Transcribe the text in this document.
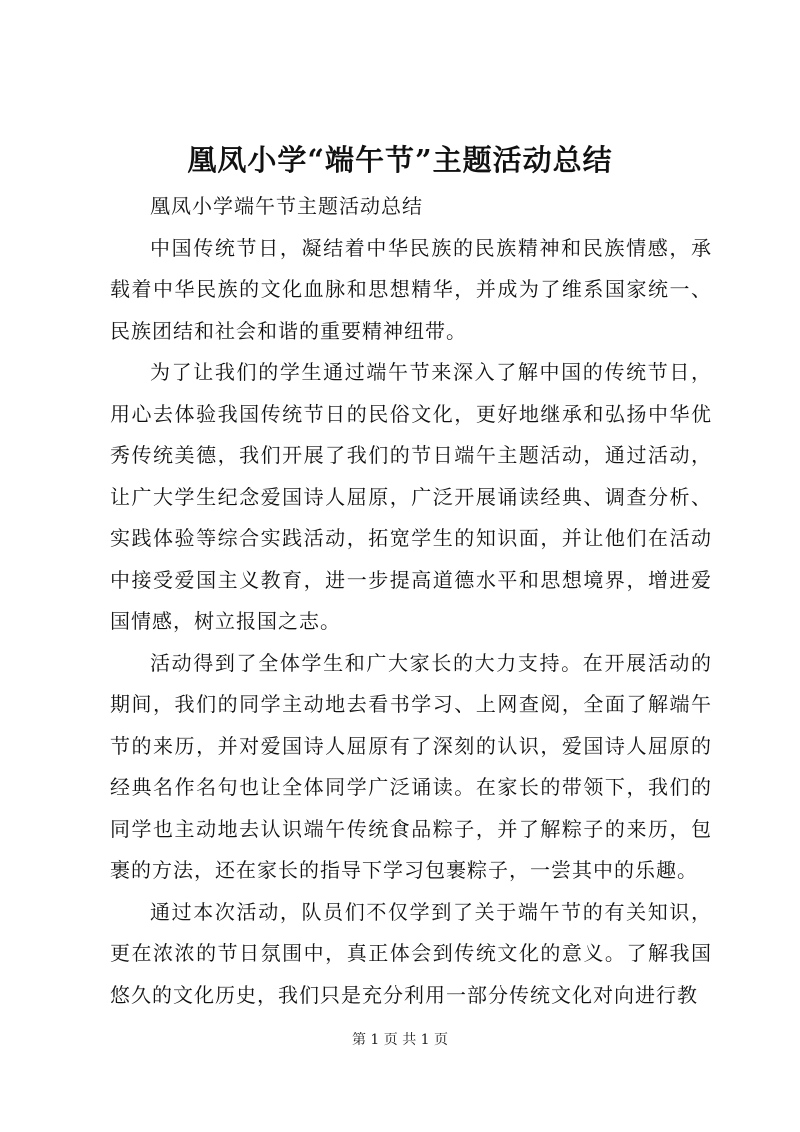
凰凤小学“端午节”主题活动总结

凰凤小学端午节主题活动总结

中国传统节日，凝结着中华民族的民族精神和民族情感，承载着中华民族的文化血脉和思想精华，并成为了维系国家统一、民族团结和社会和谐的重要精神纽带。

为了让我们的学生通过端午节来深入了解中国的传统节日，用心去体验我国传统节日的民俗文化，更好地继承和弘扬中华优秀传统美德，我们开展了我们的节日端午主题活动，通过活动，让广大学生纪念爱国诗人屈原，广泛开展诵读经典、调查分析、实践体验等综合实践活动，拓宽学生的知识面，并让他们在活动中接受爱国主义教育，进一步提高道德水平和思想境界，增进爱国情感，树立报国之志。

活动得到了全体学生和广大家长的大力支持。在开展活动的期间，我们的同学主动地去看书学习、上网查阅，全面了解端午节的来历，并对爱国诗人屈原有了深刻的认识，爱国诗人屈原的经典名作名句也让全体同学广泛诵读。在家长的带领下，我们的同学也主动地去认识端午传统食品粽子，并了解粽子的来历，包裹的方法，还在家长的指导下学习包裹粽子，一尝其中的乐趣。

通过本次活动，队员们不仅学到了关于端午节的有关知识，更在浓浓的节日氛围中，真正体会到传统文化的意义。了解我国悠久的文化历史，我们只是充分利用一部分传统文化对向进行教

第 1 页 共 1 页
